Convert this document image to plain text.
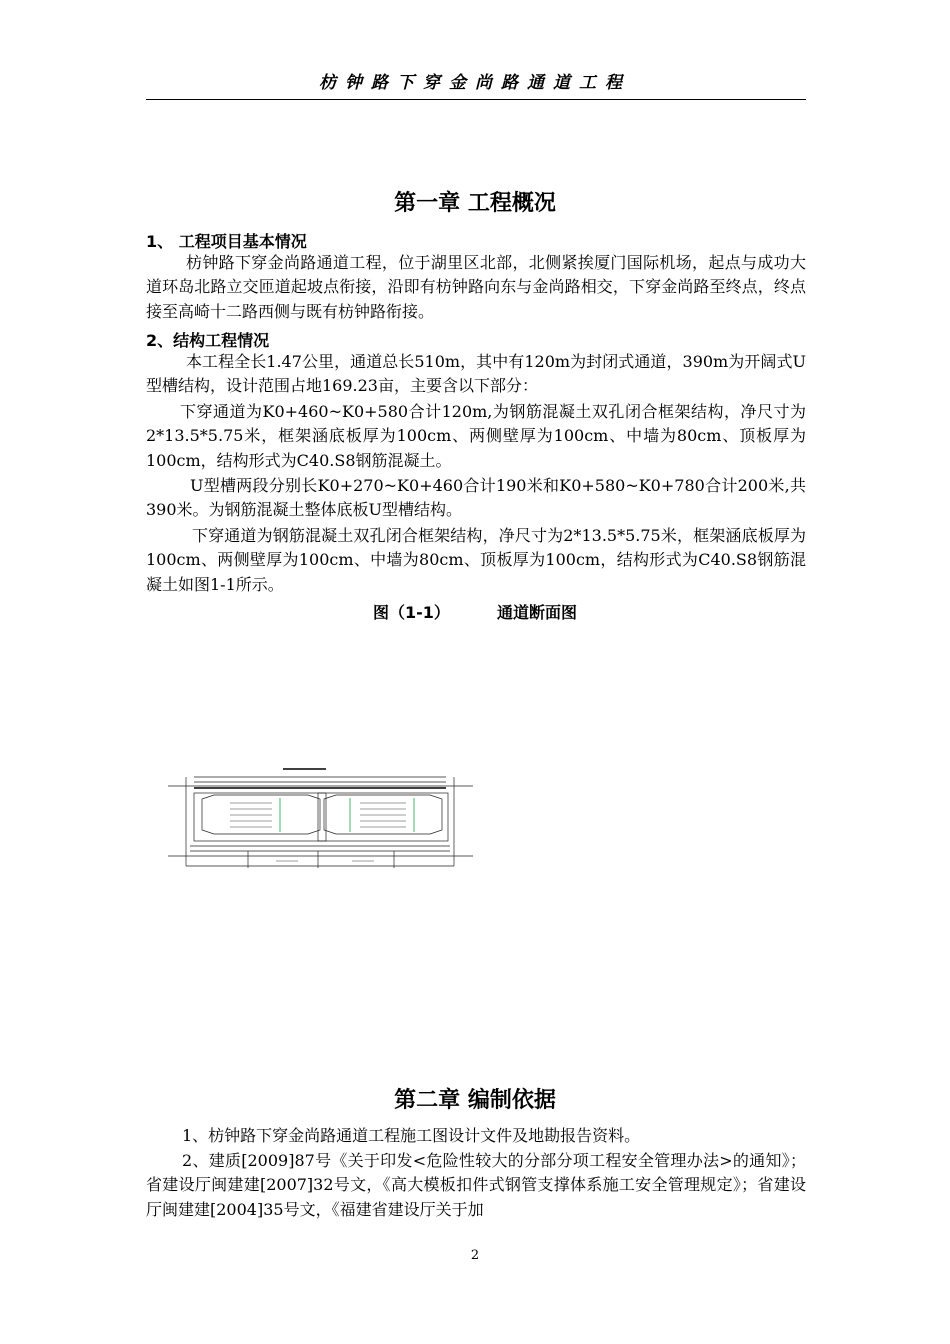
枋钟路下穿金尚路通道工程
第一章 工程概况
1、 工程项目基本情况

枋钟路下穿金尚路通道工程，位于湖里区北部，北侧紧挨厦门国际机场，起点与成功大道环岛北路立交匝道起坡点衔接，沿即有枋钟路向东与金尚路相交，下穿金尚路至终点，终点接至高崎十二路西侧与既有枋钟路衔接。

2、结构工程情况

本工程全长1.47公里，通道总长510m，其中有120m为封闭式通道，390m为开阔式U型槽结构，设计范围占地169.23亩，主要含以下部分：

下穿通道为K0+460~K0+580合计120m,为钢筋混凝土双孔闭合框架结构，净尺寸为2*13.5*5.75米，框架涵底板厚为100cm、两侧壁厚为100cm、中墙为80cm、顶板厚为100cm，结构形式为C40.S8钢筋混凝土。

U型槽两段分别长K0+270~K0+460合计190米和K0+580~K0+780合计200米,共390米。为钢筋混凝土整体底板U型槽结构。

下穿通道为钢筋混凝土双孔闭合框架结构，净尺寸为2*13.5*5.75米，框架涵底板厚为100cm、两侧壁厚为100cm、中墙为80cm、顶板厚为100cm，结构形式为C40.S8钢筋混凝土如图1-1所示。

图（1-1）	通道断面图
第二章 编制依据

1、枋钟路下穿金尚路通道工程施工图设计文件及地勘报告资料。

2、建质[2009]87号《关于印发<危险性较大的分部分项工程安全管理办法>的通知》；省建设厅闽建建[2007]32号文，《高大模板扣件式钢管支撑体系施工安全管理规定》；省建设厅闽建建[2004]35号文，《福建省建设厅关于加

2
